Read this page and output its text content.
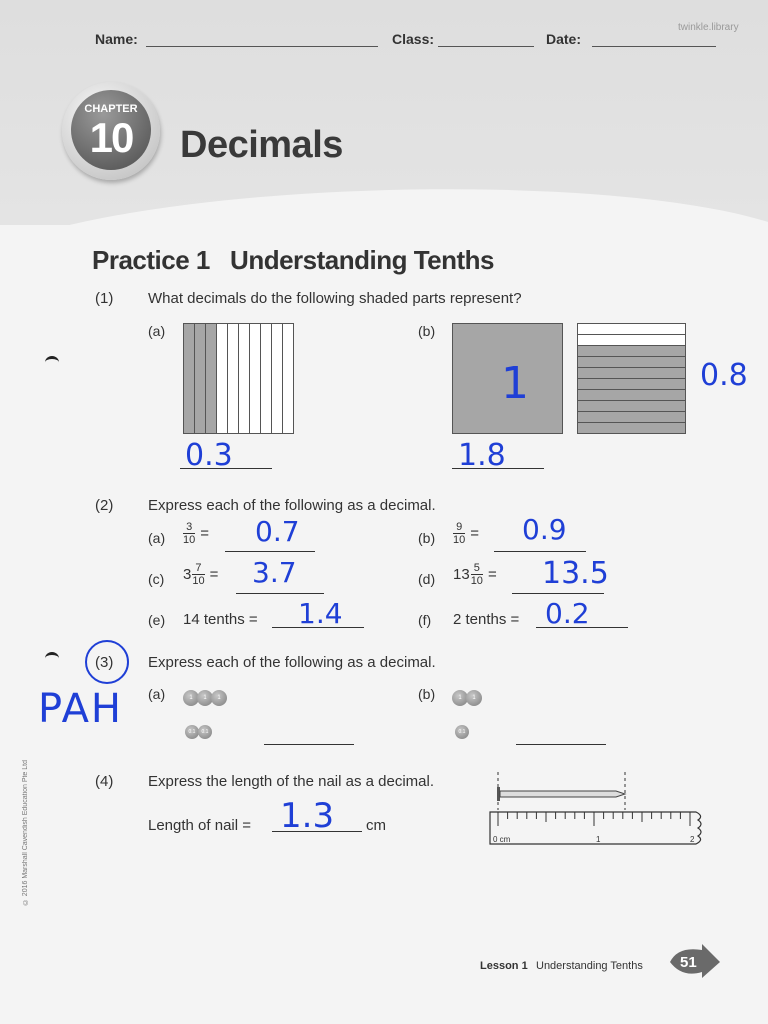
twinkle.library
Name:	Class:	Date:
CHAPTER
10	Decimals
Practice 1   Understanding Tenths
(1) What decimals do the following shaded parts represent?
(a)	(b)
1	0.8
0.3	1.8
(2) Express each of the following as a decimal.
$(a) \frac{3}{10} = 0.7$	$(b) \frac{9}{10} = 0.9$
(c) $3 \frac{7}{10} = 3.7$	(d) $13 \frac{5}{10} = 13.5$
(e) 14 tenths = 1.4	(f) 2 tenths = 0.2
(3) Express each of the following as a decimal.
PAH (a)	1	1	1
0.1	0.1
(b)	1	1
0.1
(4) Express the length of the nail as a decimal.
Length of nail = 1.3 cm
0 cm	1	2
© 2016 Marshall Cavendish Education Pte Ltd
Lesson 1 Understanding Tenths 51
